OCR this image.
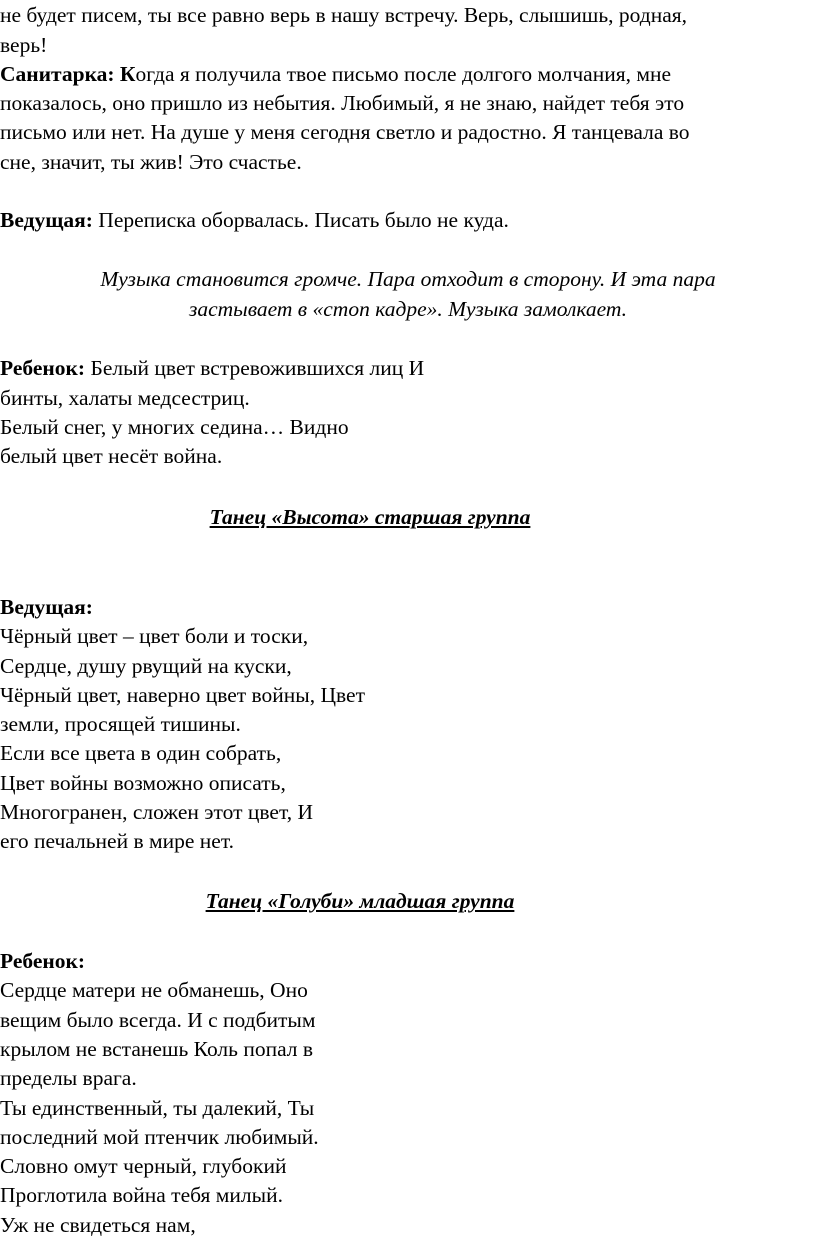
не будет писем, ты все равно верь в нашу встречу. Верь, слышишь, родная,
верь!
Санитарка: Когда я получила твое письмо после долгого молчания, мне
показалось, оно пришло из небытия. Любимый, я не знаю, найдет тебя это
письмо или нет. На душе у меня сегодня светло и радостно. Я танцевала во
сне, значит, ты жив! Это счастье.
Ведущая: Переписка оборвалась. Писать было не куда.
Музыка становится громче. Пара отходит в сторону. И эта пара
застывает в «стоп кадре». Музыка замолкает.
Ребенок: Белый цвет встревожившихся лиц И
бинты, халаты медсестриц.
Белый снег, у многих седина… Видно
белый цвет несёт война.
Танец «Высота» старшая группа
Ведущая:
Чёрный цвет – цвет боли и тоски,
Сердце, душу рвущий на куски,
Чёрный цвет, наверно цвет войны, Цвет
земли, просящей тишины.
Если все цвета в один собрать,
Цвет войны возможно описать,
Многогранен, сложен этот цвет, И
его печальней в мире нет.
Танец «Голуби» младшая группа
Ребенок:
Сердце матери не обманешь, Оно
вещим было всегда. И с подбитым
крылом не встанешь Коль попал в
пределы врага.
Ты единственный, ты далекий, Ты
последний мой птенчик любимый.
Словно омут черный, глубокий
Проглотила война тебя милый.
Уж не свидеться нам,
